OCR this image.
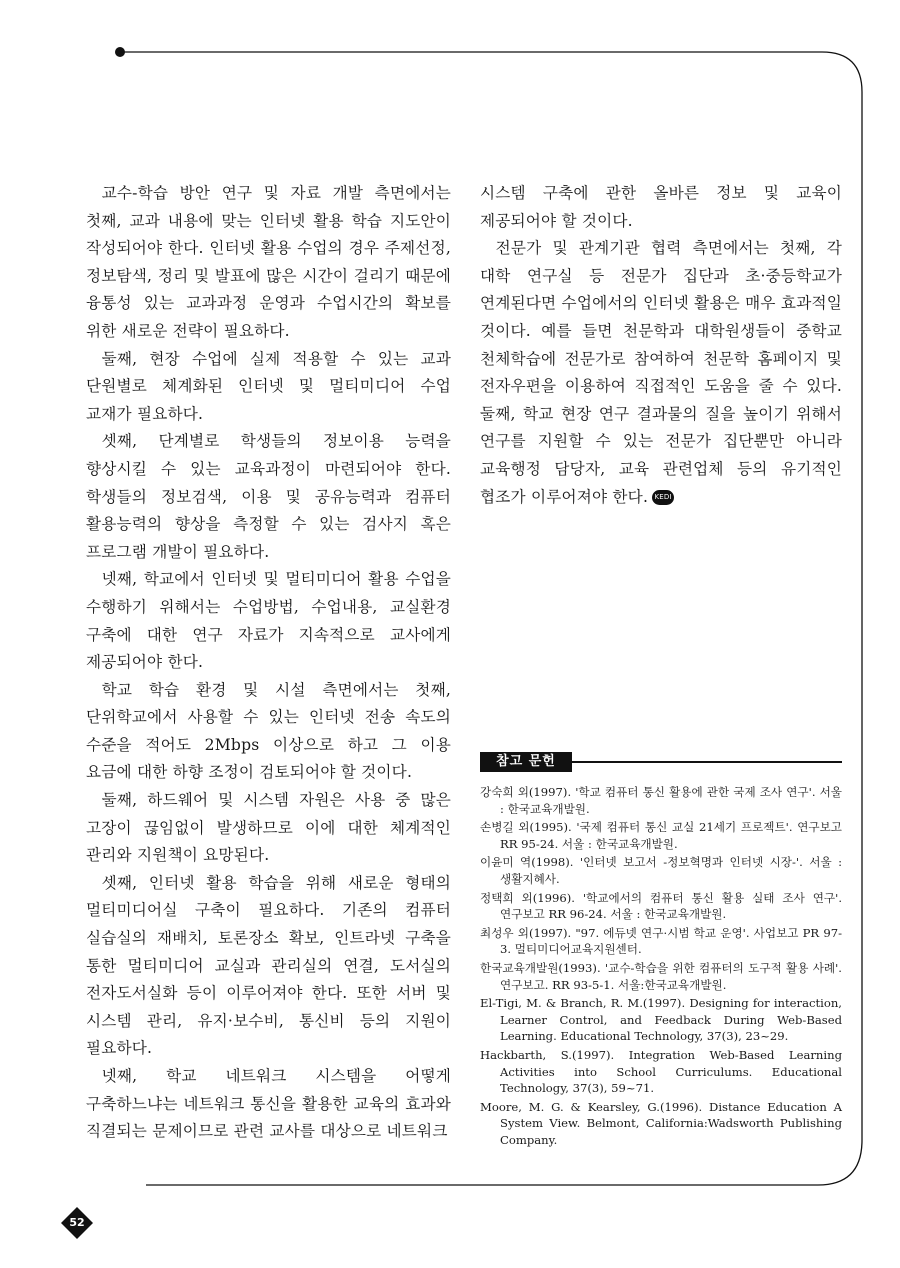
교수-학습 방안 연구 및 자료 개발 측면에서는 첫째, 교과 내용에 맞는 인터넷 활용 학습 지도안이 작성되어야 한다. 인터넷 활용 수업의 경우 주제선정, 정보탐색, 정리 및 발표에 많은 시간이 걸리기 때문에 융통성 있는 교과과정 운영과 수업시간의 확보를 위한 새로운 전략이 필요하다.

둘째, 현장 수업에 실제 적용할 수 있는 교과 단원별로 체계화된 인터넷 및 멀티미디어 수업 교재가 필요하다.

셋째, 단계별로 학생들의 정보이용 능력을 향상시킬 수 있는 교육과정이 마련되어야 한다. 학생들의 정보검색, 이용 및 공유능력과 컴퓨터 활용능력의 향상을 측정할 수 있는 검사지 혹은 프로그램 개발이 필요하다.

넷째, 학교에서 인터넷 및 멀티미디어 활용 수업을 수행하기 위해서는 수업방법, 수업내용, 교실환경 구축에 대한 연구 자료가 지속적으로 교사에게 제공되어야 한다.

학교 학습 환경 및 시설 측면에서는 첫째, 단위학교에서 사용할 수 있는 인터넷 전송 속도의 수준을 적어도 2Mbps 이상으로 하고 그 이용 요금에 대한 하향 조정이 검토되어야 할 것이다.

둘째, 하드웨어 및 시스템 자원은 사용 중 많은 고장이 끊임없이 발생하므로 이에 대한 체계적인 관리와 지원책이 요망된다.

셋째, 인터넷 활용 학습을 위해 새로운 형태의 멀티미디어실 구축이 필요하다. 기존의 컴퓨터 실습실의 재배치, 토론장소 확보, 인트라넷 구축을 통한 멀티미디어 교실과 관리실의 연결, 도서실의 전자도서실화 등이 이루어져야 한다. 또한 서버 및 시스템 관리, 유지·보수비, 통신비 등의 지원이 필요하다.

넷째, 학교 네트워크 시스템을 어떻게 구축하느냐는 네트워크 통신을 활용한 교육의 효과와 직결되는 문제이므로 관련 교사를 대상으로 네트워크

시스템 구축에 관한 올바른 정보 및 교육이 제공되어야 할 것이다.

전문가 및 관계기관 협력 측면에서는 첫째, 각 대학 연구실 등 전문가 집단과 초·중등학교가 연계된다면 수업에서의 인터넷 활용은 매우 효과적일 것이다. 예를 들면 천문학과 대학원생들이 중학교 천체학습에 전문가로 참여하여 천문학 홈페이지 및 전자우편을 이용하여 직접적인 도움을 줄 수 있다. 둘째, 학교 현장 연구 결과물의 질을 높이기 위해서 연구를 지원할 수 있는 전문가 집단뿐만 아니라 교육행정 담당자, 교육 관련업체 등의 유기적인 협조가 이루어져야 한다. KEDI

참고 문헌

강숙희 외(1997). '학교 컴퓨터 통신 활용에 관한 국제 조사 연구'. 서울 : 한국교육개발원.

손병길 외(1995). '국제 컴퓨터 통신 교실 21세기 프로젝트'. 연구보고 RR 95-24. 서울 : 한국교육개발원.

이윤미 역(1998). '인터넷 보고서 -정보혁명과 인터넷 시장-'. 서울 : 생활지혜사.

정택희 외(1996). '학교에서의 컴퓨터 통신 활용 실태 조사 연구'. 연구보고 RR 96-24. 서울 : 한국교육개발원.

최성우 외(1997). "97. 에듀넷 연구·시범 학교 운영'. 사업보고 PR 97-3. 멀티미디어교육지원센터.

한국교육개발원(1993). '교수-학습을 위한 컴퓨터의 도구적 활용 사례'. 연구보고. RR 93-5-1. 서울:한국교육개발원.

El-Tigi, M. & Branch, R. M.(1997). Designing for interaction, Learner Control, and Feedback During Web-Based Learning. Educational Technology, 37(3), 23~29.

Hackbarth, S.(1997). Integration Web-Based Learning Activities into School Curriculums. Educational Technology, 37(3), 59~71.

Moore, M. G. & Kearsley, G.(1996). Distance Education A System View. Belmont, California:Wadsworth Publishing Company.

52
